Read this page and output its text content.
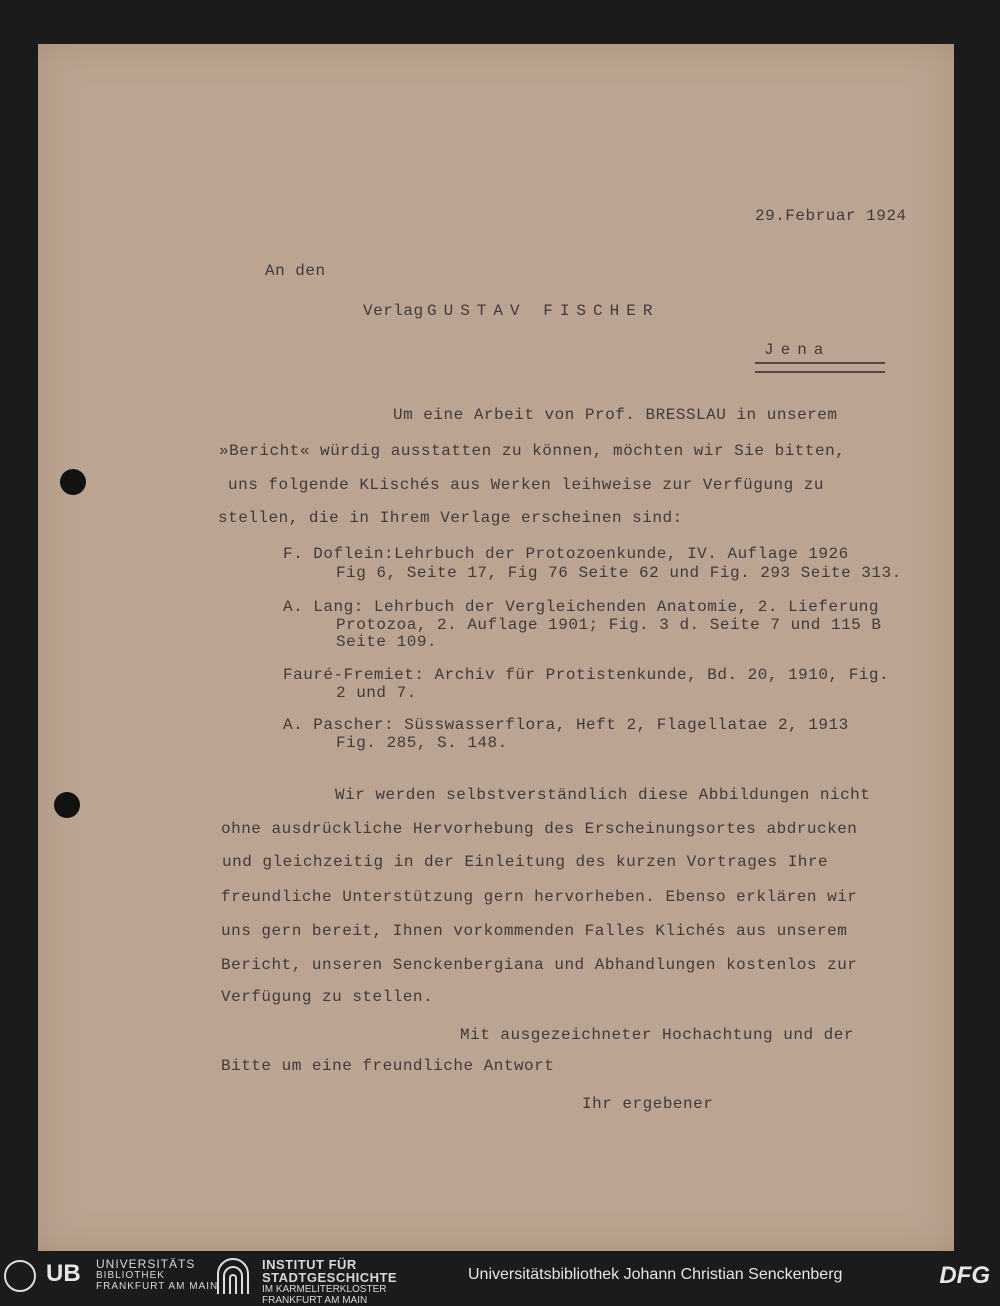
29.Februar 1924
An den
Verlag GUSTAV FISCHER
Jena
Um eine Arbeit von Prof. BRESSLAU in unserem
»Bericht« würdig ausstatten zu können, möchten wir Sie bitten,
uns folgende KLischés aus Werken leihweise zur Verfügung zu
stellen, die in Ihrem Verlage erscheinen sind:
F. Doflein:Lehrbuch der Protozoenkunde, IV. Auflage 1926
Fig 6, Seite 17, Fig 76 Seite 62 und Fig. 293 Seite 313.
A. Lang: Lehrbuch der Vergleichenden Anatomie, 2. Lieferung
Protozoa, 2. Auflage 1901; Fig. 3 d. Seite 7 und 115 B
Seite 109.
Fauré-Fremiet: Archiv für Protistenkunde, Bd. 20, 1910, Fig.
2 und 7.
A. Pascher: Süsswasserflora, Heft 2, Flagellatae 2, 1913
Fig. 285, S. 148.
Wir werden selbstverständlich diese Abbildungen nicht
ohne ausdrückliche Hervorhebung des Erscheinungsortes abdrucken
und gleichzeitig in der Einleitung des kurzen Vortrages Ihre
freundliche Unterstützung gern hervorheben. Ebenso erklären wir
uns gern bereit, Ihnen vorkommenden Falles Klichés aus unserem
Bericht, unseren Senckenbergiana und Abhandlungen kostenlos zur
Verfügung zu stellen.
Mit ausgezeichneter Hochachtung und der
Bitte um eine freundliche Antwort
Ihr ergebener
UB UNIVERSITÄTS
BIBLIOTHEK
FRANKFURT AM MAIN
INSTITUT FÜR
STADTGESCHICHTE
IM KARMELITERKLOSTER
FRANKFURT AM MAIN
Universitätsbibliothek Johann Christian Senckenberg	DFG
